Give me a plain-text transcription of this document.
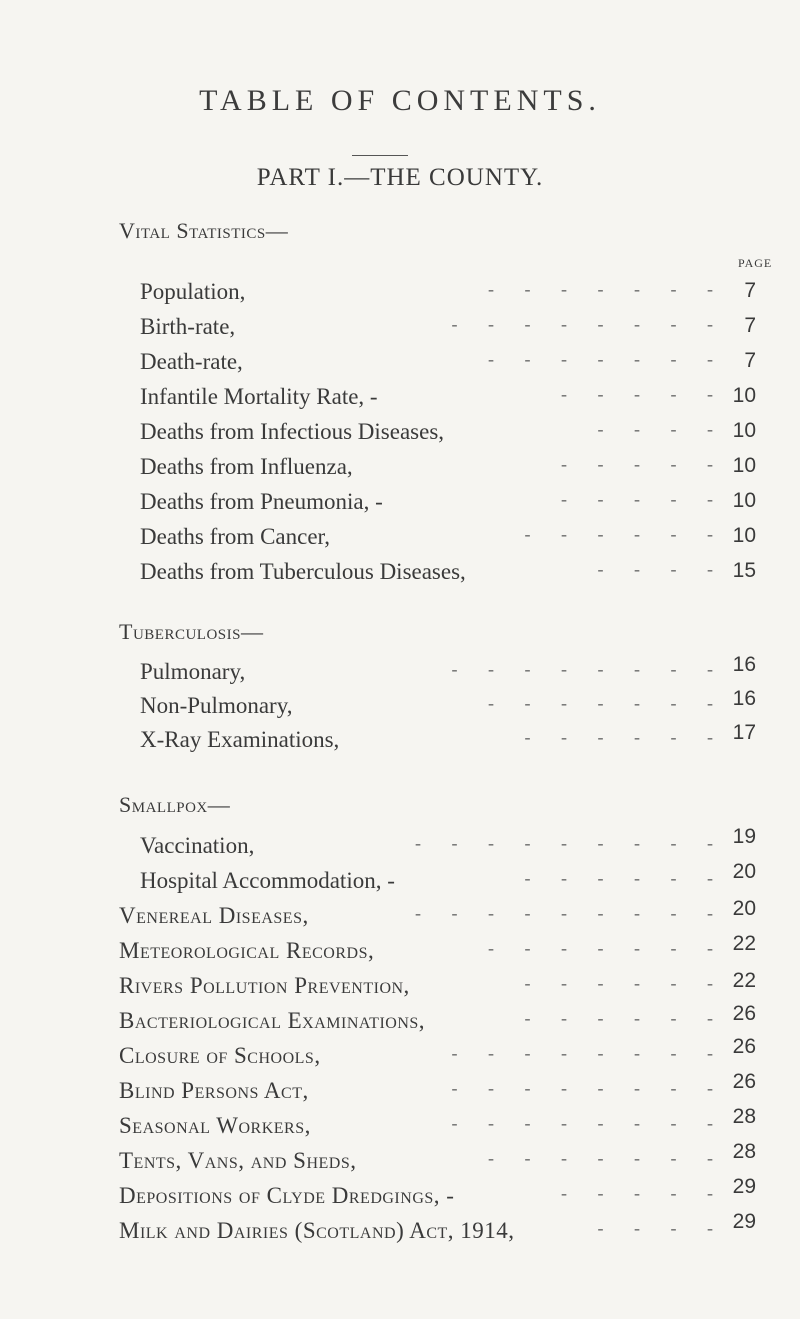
TABLE OF CONTENTS.
PART I.—THE COUNTY.
Vital Statistics—
PAGE
Population,	- - - - - - - 7
Birth-rate,	- - - - - - - - 7
Death-rate,	- - - - - - - 7
Infantile Mortality Rate, -	- - - - - 10
Deaths from Infectious Diseases,	- - - - 10
Deaths from Influenza,	- - - - - 10
Deaths from Pneumonia, -	- - - - - 10
Deaths from Cancer,	- - - - - - 10
Deaths from Tuberculous Diseases,	- - - - 15
Tuberculosis—
Pulmonary,	- - - - - - - - 16
Non-Pulmonary,	- - - - - - - 16
X-Ray Examinations,	- - - - - - 17
Smallpox—
Vaccination,	- - - - - - - - - 19
Hospital Accommodation, -	- - - - - - 20
Venereal Diseases,	- - - - - - - - - 20
Meteorological Records,	- - - - - - - 22
Rivers Pollution Prevention,	- - - - - - 22
Bacteriological Examinations,	- - - - - - 26
Closure of Schools,	- - - - - - - - 26
Blind Persons Act,	- - - - - - - - 26
Seasonal Workers,	- - - - - - - - 28
Tents, Vans, and Sheds,	- - - - - - - 28
Depositions of Clyde Dredgings, -	- - - - - 29
Milk and Dairies (Scotland) Act, 1914,	- - - - 29
